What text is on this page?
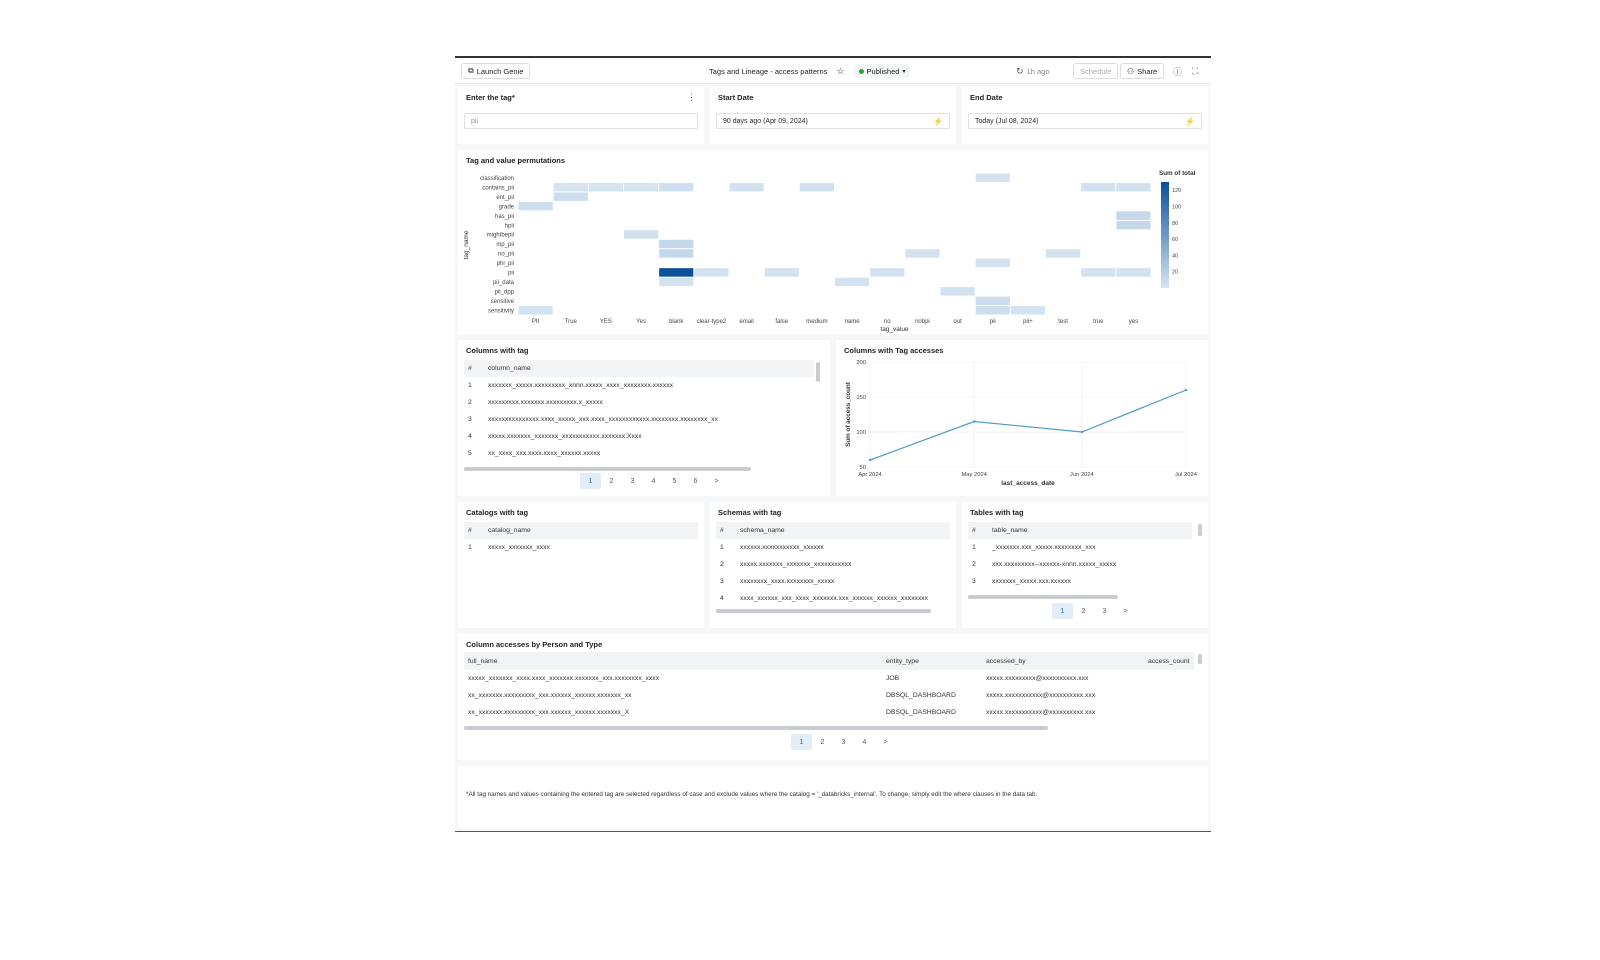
⧉ Launch Genie	Tags and Lineage - access patterns ☆	Published ▾	↻ 1h ago	Schedule ⚇ Share ⓘ ⛶
Enter the tag*	⋮
pii
Start Date
90 days ago (Apr 09, 2024)	⚡
End Date
Today (Jul 08, 2024)	⚡
Tag and value permutations
classification
contains_pii
ent_pii
grade
has_pii
hpii
mightbepii
mp_pii
no_pii
phi_pii
pii
pii_data
pii_dpp
sensitive
sensitivity
PII	True	YES	Yes	blank clear-type2 email	false	medium	name	no	nobpi	out	pii	pii+	test	true	yes
tag_value
tag_name
Sum of total
120
100
80
60
40
20
Columns with tag
#	column_name
1	xxxxxxx_xxxxx.xxxxxxxxx_xnnn.xxxxx_xxxx_xxxxxxxx.xxxxxx
2	xxxxxxxxx.xxxxxxx.xxxxxxxxx.x_xxxxx
3	xxxxxxxxxxxxxxx.xxxx_xxxxx_xxx.xxxx_xxxxxxxxxxxx.xxxxxxxx.xxxxxxxx_xx
4	xxxxx.xxxxxxx_xxxxxxx_xxxxxxxxxxx.xxxxxxx.Xxxx
5	xx_xxxx_xxx.xxxx.xxxx_xxxxxx.xxxxx
1	2	3	4	5	6	>
Columns with Tag accesses
200
150
100
50
Apr 2024	May 2024	Jun 2024	Jul 2024
last_access_date
Sum of access_count
Catalogs with tag
#	catalog_name
1	xxxxx_xxxxxxx_xxxx
Schemas with tag
#	schema_name
1	xxxxxx.xxxxxxxxxxx_xxxxxx
2	xxxxx.xxxxxxx_xxxxxxx_xxxxxxxxxxx
3	xxxxxxxx_xxxx.xxxxxxxx_xxxxx
4	xxxx_xxxxxx_xxx_xxxx_xxxxxxx.xxx_xxxxxx_xxxxxx_xxxxxxxx
Tables with tag
#	table_name
1	_xxxxxxx.xxx_xxxxx.xxxxxxxx_xxx
2	xxx.xxxxxxxxx--xxxxxx-xnnn.xxxxx_xxxxx
3	xxxxxxx_xxxxx.xxx.xxxxxx
1	2	3	>
Column accesses by Person and Type
full_name	entity_type	accessed_by	access_count
xxxxx_xxxxxxx_xxxx.xxxx_xxxxxxx.xxxxxxx_xxx.xxxxxxxx_xxxx	JOB	xxxxx.xxxxxxxxx@xxxxxxxxxx.xxx	
xx_xxxxxxx.xxxxxxxxx_xxx.xxxxxx_xxxxxx.xxxxxxx_xx	DBSQL_DASHBOARD	xxxxx.xxxxxxxxxxx@xxxxxxxxxx.xxx	
xx_xxxxxxx.xxxxxxxxx_xxx.xxxxxx_xxxxxx.xxxxxxx_X	DBSQL_DASHBOARD	xxxxx.xxxxxxxxxxx@xxxxxxxxxx.xxx	
1	2	3	4	>
*All tag names and values containing the entered tag are selected regardless of case and exclude values where the catalog = '_databricks_internal'. To change, simply edit the where clauses in the data tab.
